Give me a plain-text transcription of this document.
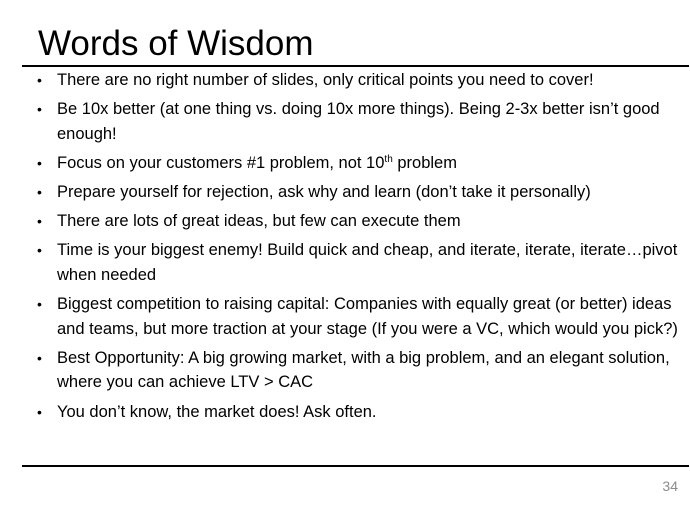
Words of Wisdom
• There are no right number of slides, only critical points you need to cover!
• Be 10x better (at one thing vs. doing 10x more things). Being 2-3x better isn’t good enough!
• Focus on your customers #1 problem, not 10th problem
• Prepare yourself for rejection, ask why and learn (don’t take it personally)
• There are lots of great ideas, but few can execute them
• Time is your biggest enemy! Build quick and cheap, and iterate, iterate, iterate…pivot when needed
• Biggest competition to raising capital: Companies with equally great (or better) ideas and teams, but more traction at your stage (If you were a VC, which would you pick?)
• Best Opportunity: A big growing market, with a big problem, and an elegant solution, where you can achieve LTV > CAC
• You don’t know, the market does! Ask often.
34
